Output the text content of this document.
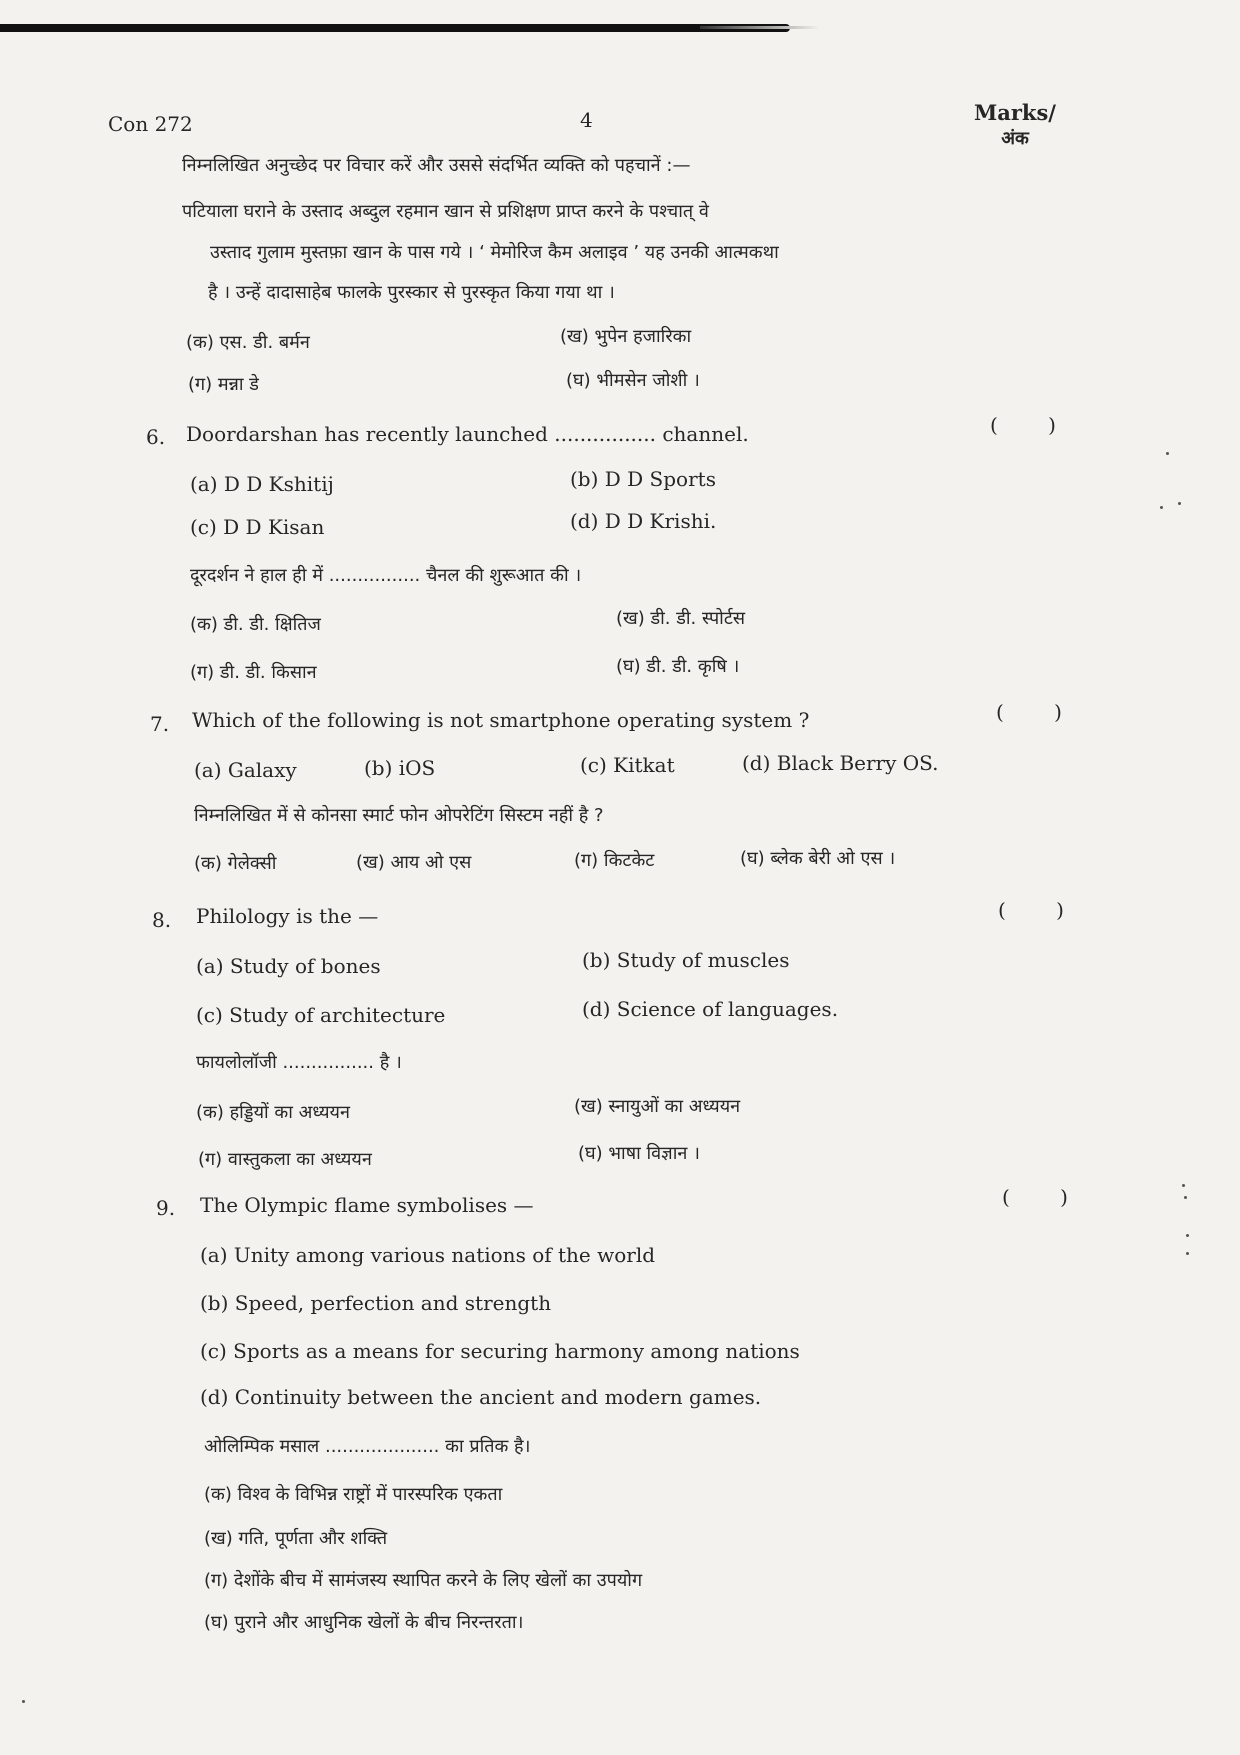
Con 272	4	Marks/
अंक
निम्नलिखित अनुच्छेद पर विचार करें और उससे संदर्भित व्यक्ति को पहचानें :—
पटियाला घराने के उस्ताद अब्दुल रहमान खान से प्रशिक्षण प्राप्त करने के पश्चात् वे
उस्ताद गुलाम मुस्तफ़ा खान के पास गये । ‘ मेमोरिज कैम अलाइव ’ यह उनकी आत्मकथा
है । उन्हें दादासाहेब फालके पुरस्कार से पुरस्कृत किया गया था ।
(क) एस. डी. बर्मन	(ख) भुपेन हजारिका
(ग) मन्ना डे	(घ) भीमसेन जोशी ।
6. Doordarshan has recently launched ................ channel.	( )
(a) D D Kshitij	(b) D D Sports
(c) D D Kisan	(d) D D Krishi.
दूरदर्शन ने हाल ही में ................ चैनल की शुरूआत की ।
(क) डी. डी. क्षितिज	(ख) डी. डी. स्पोर्टस
(ग) डी. डी. किसान	(घ) डी. डी. कृषि ।
7. Which of the following is not smartphone operating system ?	( )
(a) Galaxy	(b) iOS	(c) Kitkat	(d) Black Berry OS.
निम्नलिखित में से कोनसा स्मार्ट फोन ओपरेटिंग सिस्टम नहीं है ?
(क) गेलेक्सी	(ख) आय ओ एस	(ग) किटकेट	(घ) ब्लेक बेरी ओ एस ।
8. Philology is the —	( )
(a) Study of bones	(b) Study of muscles
(c) Study of architecture	(d) Science of languages.
फायलोलॉजी ................ है ।
(क) हड्डियों का अध्ययन	(ख) स्नायुओं का अध्ययन
(ग) वास्तुकला का अध्ययन	(घ) भाषा विज्ञान ।
9. The Olympic flame symbolises —	( )
(a) Unity among various nations of the world
(b) Speed, perfection and strength
(c) Sports as a means for securing harmony among nations
(d) Continuity between the ancient and modern games.
ओलिम्पिक मसाल .................... का प्रतिक है।
(क) विश्व के विभिन्न राष्ट्रों में पारस्परिक एकता
(ख) गति, पूर्णता और शक्ति
(ग) देशोंके बीच में सामंजस्य स्थापित करने के लिए खेलों का उपयोग
(घ) पुराने और आधुनिक खेलों के बीच निरन्तरता।
